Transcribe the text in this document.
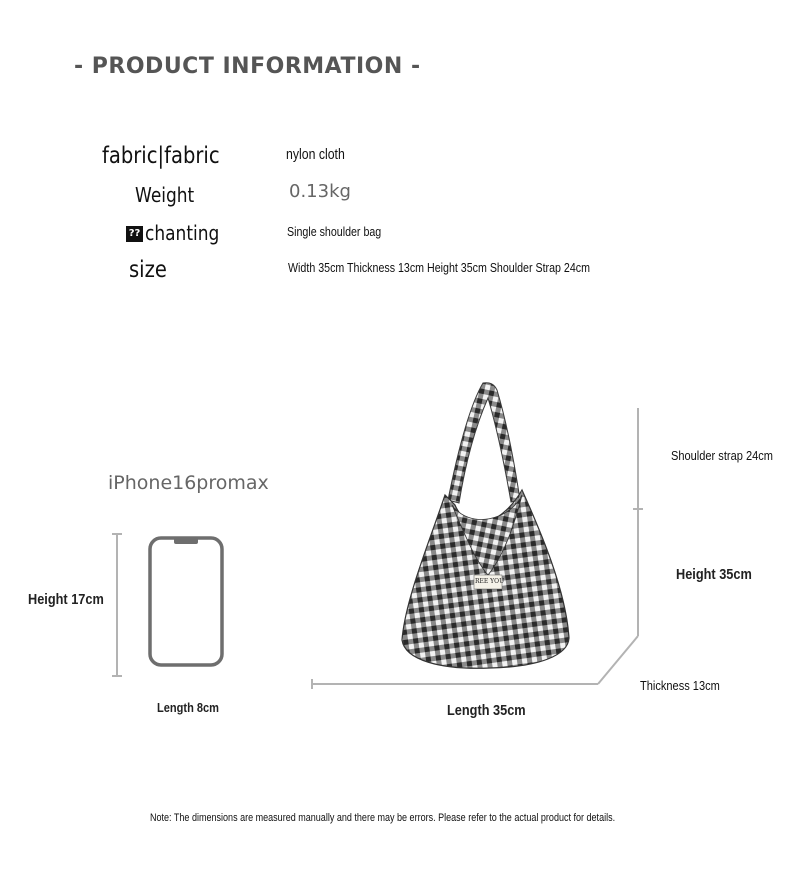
- PRODUCT INFORMATION -
fabric|fabric	nylon cloth
Weight	0.13kg
?? chanting	Single shoulder bag
size	Width 35cm Thickness 13cm Height 35cm Shoulder Strap 24cm
REE YOU
iPhone16promax
Height 17cm
Length 8cm
Shoulder strap 24cm
Height 35cm
Thickness 13cm
Length 35cm
Note: The dimensions are measured manually and there may be errors. Please refer to the actual product for details.
